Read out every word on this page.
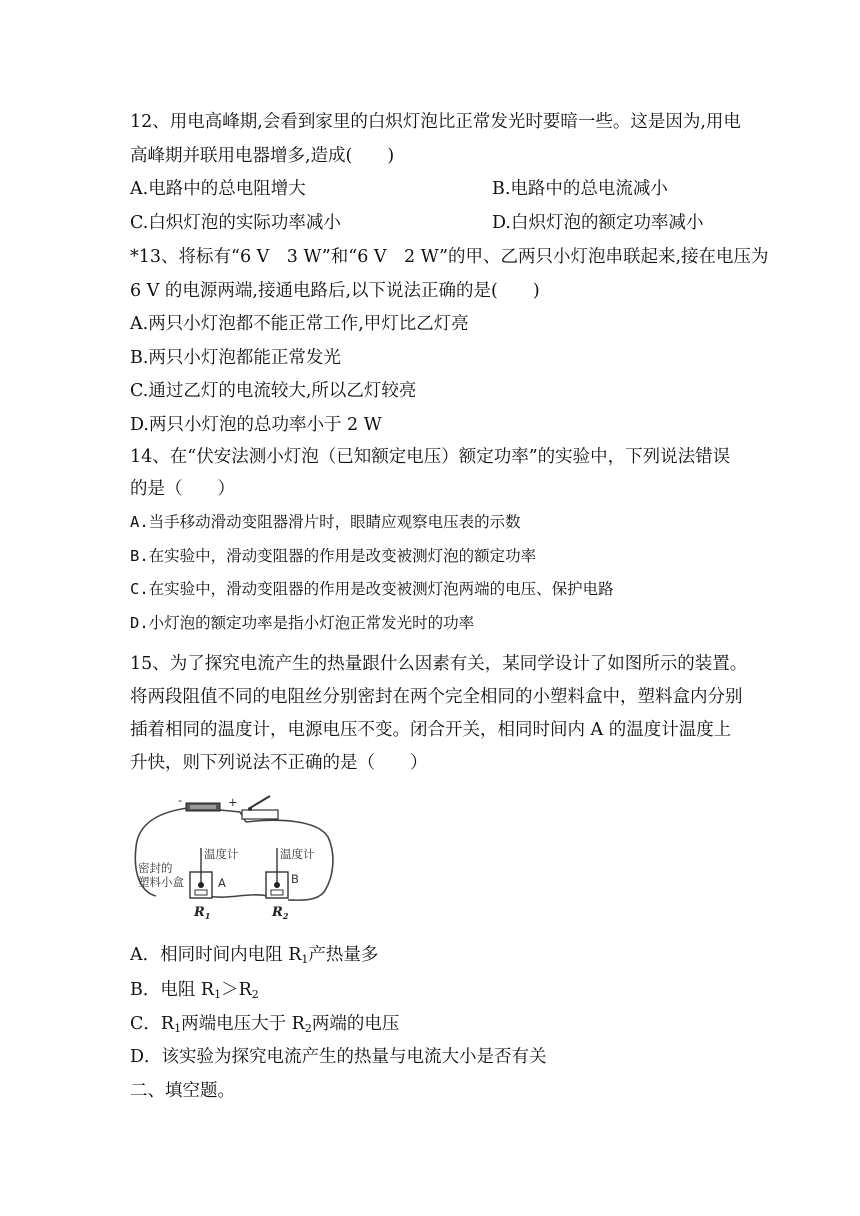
12、用电高峰期,会看到家里的白炽灯泡比正常发光时要暗一些。这是因为,用电
高峰期并联用电器增多,造成(　　)
A.电路中的总电阻增大	B.电路中的总电流减小
C.白炽灯泡的实际功率减小	D.白炽灯泡的额定功率减小
*13、将标有“6 V　3 W”和“6 V　2 W”的甲、乙两只小灯泡串联起来,接在电压为
6 V 的电源两端,接通电路后,以下说法正确的是(　　)
A.两只小灯泡都不能正常工作,甲灯比乙灯亮
B.两只小灯泡都能正常发光
C.通过乙灯的电流较大,所以乙灯较亮
D.两只小灯泡的总功率小于 2 W
14、在“伏安法测小灯泡（已知额定电压）额定功率”的实验中，下列说法错误
的是（　　）
A.当手移动滑动变阻器滑片时，眼睛应观察电压表的示数
B.在实验中，滑动变阻器的作用是改变被测灯泡的额定功率
C.在实验中，滑动变阻器的作用是改变被测灯泡两端的电压、保护电路
D.小灯泡的额定功率是指小灯泡正常发光时的功率
15、为了探究电流产生的热量跟什么因素有关，某同学设计了如图所示的装置。
将两段阻值不同的电阻丝分别密封在两个完全相同的小塑料盒中，塑料盒内分别
插着相同的温度计，电源电压不变。闭合开关，相同时间内 A 的温度计温度上
升快，则下列说法不正确的是（　　）
-	+
密封的
塑料小盒
温度计
A
$R_1$
温度计
B
$R_2$
A．相同时间内电阻 $R_1$产热量多
B．电阻 $R_1>R_2$
C．$R_1$两端电压大于 $R_2$两端的电压
D．该实验为探究电流产生的热量与电流大小是否有关
二、填空题。
